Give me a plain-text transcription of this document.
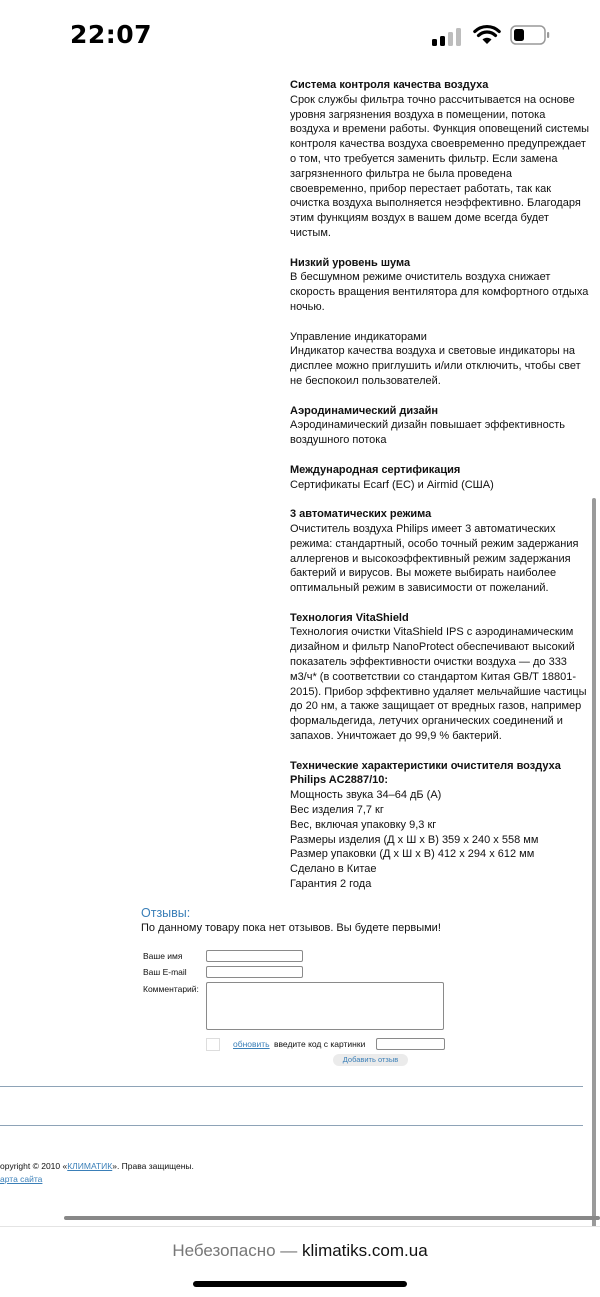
22:07
Система контроля качества воздуха
Срок службы фильтра точно рассчитывается на основе
уровня загрязнения воздуха в помещении, потока
воздуха и времени работы. Функция оповещений системы
контроля качества воздуха своевременно предупреждает
о том, что требуется заменить фильтр. Если замена
загрязненного фильтра не была проведена
своевременно, прибор перестает работать, так как
очистка воздуха выполняется неэффективно. Благодаря
этим функциям воздух в вашем доме всегда будет
чистым.
Низкий уровень шума
В бесшумном режиме очиститель воздуха снижает
скорость вращения вентилятора для комфортного отдыха
ночью.
Управление индикаторами
Индикатор качества воздуха и световые индикаторы на
дисплее можно приглушить и/или отключить, чтобы свет
не беспокоил пользователей.
Аэродинамический дизайн
Аэродинамический дизайн повышает эффективность
воздушного потока
Международная сертификация
Сертификаты Ecarf (ЕС) и Airmid (США)
3 автоматических режима
Очиститель воздуха Philips имеет 3 автоматических
режима: стандартный, особо точный режим задержания
аллергенов и высокоэффективный режим задержания
бактерий и вирусов. Вы можете выбирать наиболее
оптимальный режим в зависимости от пожеланий.
Технология VitaShield
Технология очистки VitaShield IPS с аэродинамическим
дизайном и фильтр NanoProtect обеспечивают высокий
показатель эффективности очистки воздуха — до 333
м3/ч* (в соответствии со стандартом Китая GB/T 18801-
2015). Прибор эффективно удаляет мельчайшие частицы
до 20 нм, а также защищает от вредных газов, например
формальдегида, летучих органических соединений и
запахов. Уничтожает до 99,9 % бактерий.
Технические характеристики очистителя воздуха
Philips AC2887/10:
Мощность звука 34–64 дБ (А)
Вес изделия 7,7 кг
Вес, включая упаковку 9,3 кг
Размеры изделия (Д x Ш x В) 359 x 240 x 558 мм
Размер упаковки (Д x Ш x В) 412 x 294 x 612 мм
Сделано в Китае
Гарантия 2 года
Отзывы:
По данному товару пока нет отзывов. Вы будете первыми!
Ваше имя
Ваш E-mail
Комментарий:
обновить введите код с картинки
Добавить отзыв
opyright © 2010 «КЛИМАТИК». Права защищены.
арта сайта
Небезопасно — klimatiks.com.ua
